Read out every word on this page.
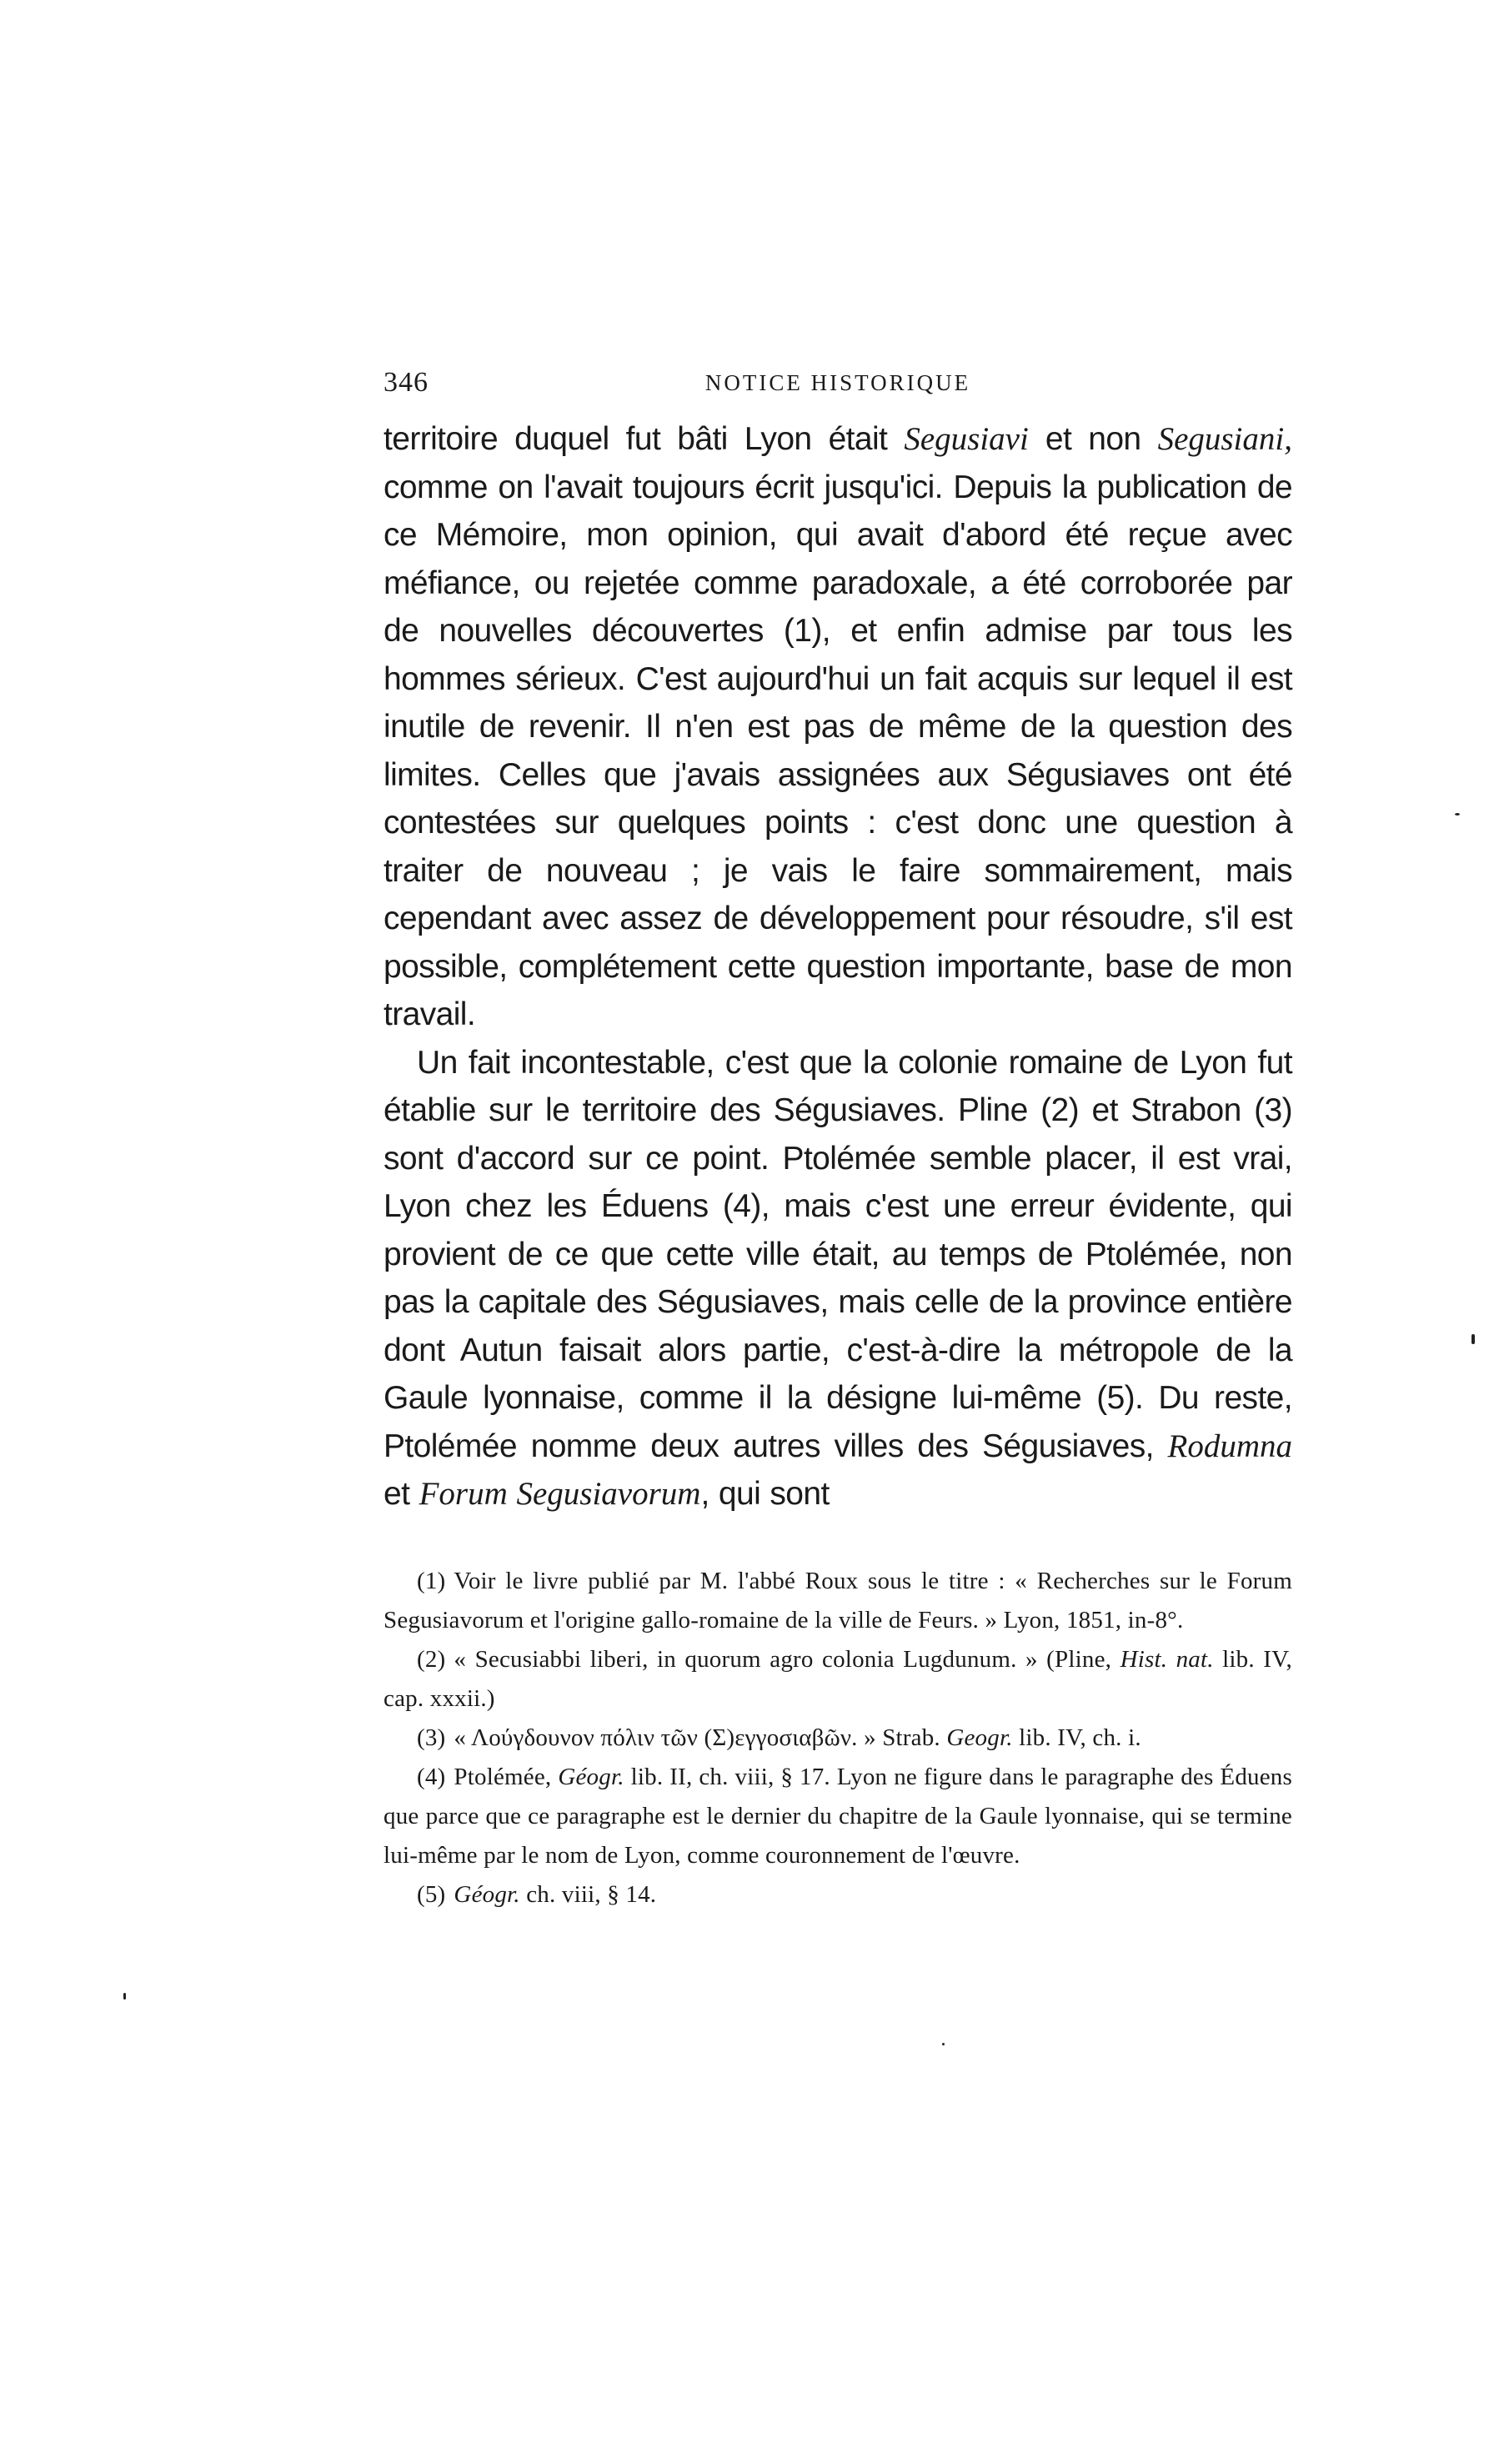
346	NOTICE HISTORIQUE

territoire duquel fut bâti Lyon était Segusiavi et non Segusiani, comme on l'avait toujours écrit jusqu'ici. Depuis la publication de ce Mémoire, mon opinion, qui avait d'abord été reçue avec méfiance, ou rejetée comme paradoxale, a été corroborée par de nouvelles découvertes (1), et enfin admise par tous les hommes sérieux. C'est aujourd'hui un fait acquis sur lequel il est inutile de revenir. Il n'en est pas de même de la question des limites. Celles que j'avais assignées aux Ségusiaves ont été contestées sur quelques points : c'est donc une question à traiter de nouveau ; je vais le faire sommairement, mais cependant avec assez de développement pour résoudre, s'il est possible, complétement cette question importante, base de mon travail.

Un fait incontestable, c'est que la colonie romaine de Lyon fut établie sur le territoire des Ségusiaves. Pline (2) et Strabon (3) sont d'accord sur ce point. Ptolémée semble placer, il est vrai, Lyon chez les Éduens (4), mais c'est une erreur évidente, qui provient de ce que cette ville était, au temps de Ptolémée, non pas la capitale des Ségusiaves, mais celle de la province entière dont Autun faisait alors partie, c'est-à-dire la métropole de la Gaule lyonnaise, comme il la désigne lui-même (5). Du reste, Ptolémée nomme deux autres villes des Ségusiaves, Rodumna et Forum Segusiavorum, qui sont

(1) Voir le livre publié par M. l'abbé Roux sous le titre : « Recherches sur le Forum Segusiavorum et l'origine gallo-romaine de la ville de Feurs. » Lyon, 1851, in-8°.

(2) « Secusiabbi liberi, in quorum agro colonia Lugdunum. » (Pline, Hist. nat. lib. IV, cap. xxxii.)

(3) « Λούγδουνον πόλιν τῶν (Σ)εγγοσιαβῶν. » Strab. Geogr. lib. IV, ch. i.

(4) Ptolémée, Géogr. lib. II, ch. viii, § 17. Lyon ne figure dans le paragraphe des Éduens que parce que ce paragraphe est le dernier du chapitre de la Gaule lyonnaise, qui se termine lui-même par le nom de Lyon, comme couronnement de l'œuvre.

(5) Géogr. ch. viii, § 14.
